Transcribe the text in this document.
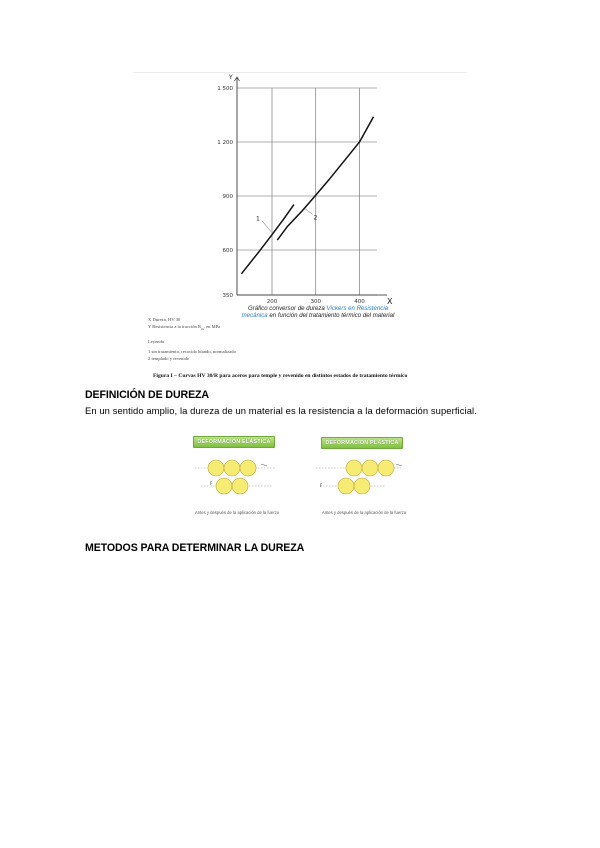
200	300	400
1 500
1 200
900
600
350
Y
X
1	2
Gráfico conversor de dureza Vickers en Resistencia
mecánica en función del tratamiento térmico del material
X Dureza, HV 30
Y Resistencia a la tracción $R_m$, en MPa
Leyenda
1 sin tratamiento, recocido blando, normalizado
2 templado y revenido
Figura I – Curvas HV 30/R para aceros para temple y revenido en distintos estados de tratamiento térmico
DEFINICIÓN DE DUREZA
En un sentido amplio, la dureza de un material es la resistencia a la deformación superficial.
DEFORMACIÓN ELÁSTICA	DEFORMACIÓN PLÁSTICA
F
Antes y después de la aplicación de la fuerza
F
Antes y después de la aplicación de la fuerza
METODOS PARA DETERMINAR LA DUREZA
